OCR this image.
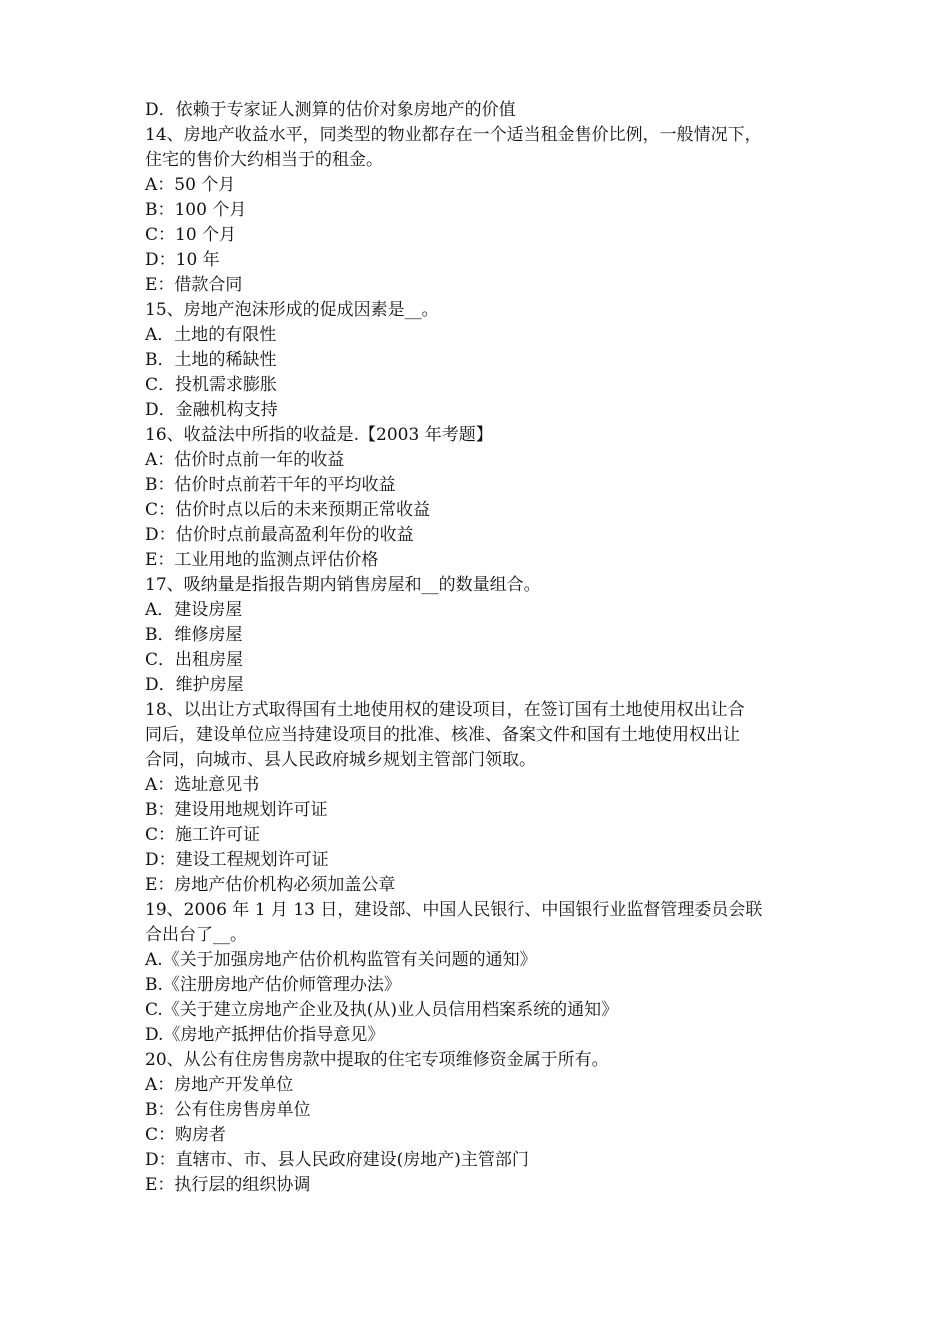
D．依赖于专家证人测算的估价对象房地产的价值
14、房地产收益水平，同类型的物业都存在一个适当租金售价比例，一般情况下，
住宅的售价大约相当于的租金。
A：50 个月
B：100 个月
C：10 个月
D：10 年
E：借款合同
15、房地产泡沫形成的促成因素是__。
A．土地的有限性
B．土地的稀缺性
C．投机需求膨胀
D．金融机构支持
16、收益法中所指的收益是.【2003 年考题】
A：估价时点前一年的收益
B：估价时点前若干年的平均收益
C：估价时点以后的未来预期正常收益
D：估价时点前最高盈利年份的收益
E：工业用地的监测点评估价格
17、吸纳量是指报告期内销售房屋和__的数量组合。
A．建设房屋
B．维修房屋
C．出租房屋
D．维护房屋
18、以出让方式取得国有土地使用权的建设项目，在签订国有土地使用权出让合
同后，建设单位应当持建设项目的批准、核准、备案文件和国有土地使用权出让
合同，向城市、县人民政府城乡规划主管部门领取。
A：选址意见书
B：建设用地规划许可证
C：施工许可证
D：建设工程规划许可证
E：房地产估价机构必须加盖公章
19、2006 年 1 月 13 日，建设部、中国人民银行、中国银行业监督管理委员会联
合出台了__。
A.《关于加强房地产估价机构监管有关问题的通知》
B.《注册房地产估价师管理办法》
C.《关于建立房地产企业及执(从)业人员信用档案系统的通知》
D.《房地产抵押估价指导意见》
20、从公有住房售房款中提取的住宅专项维修资金属于所有。
A：房地产开发单位
B：公有住房售房单位
C：购房者
D：直辖市、市、县人民政府建设(房地产)主管部门
E：执行层的组织协调
